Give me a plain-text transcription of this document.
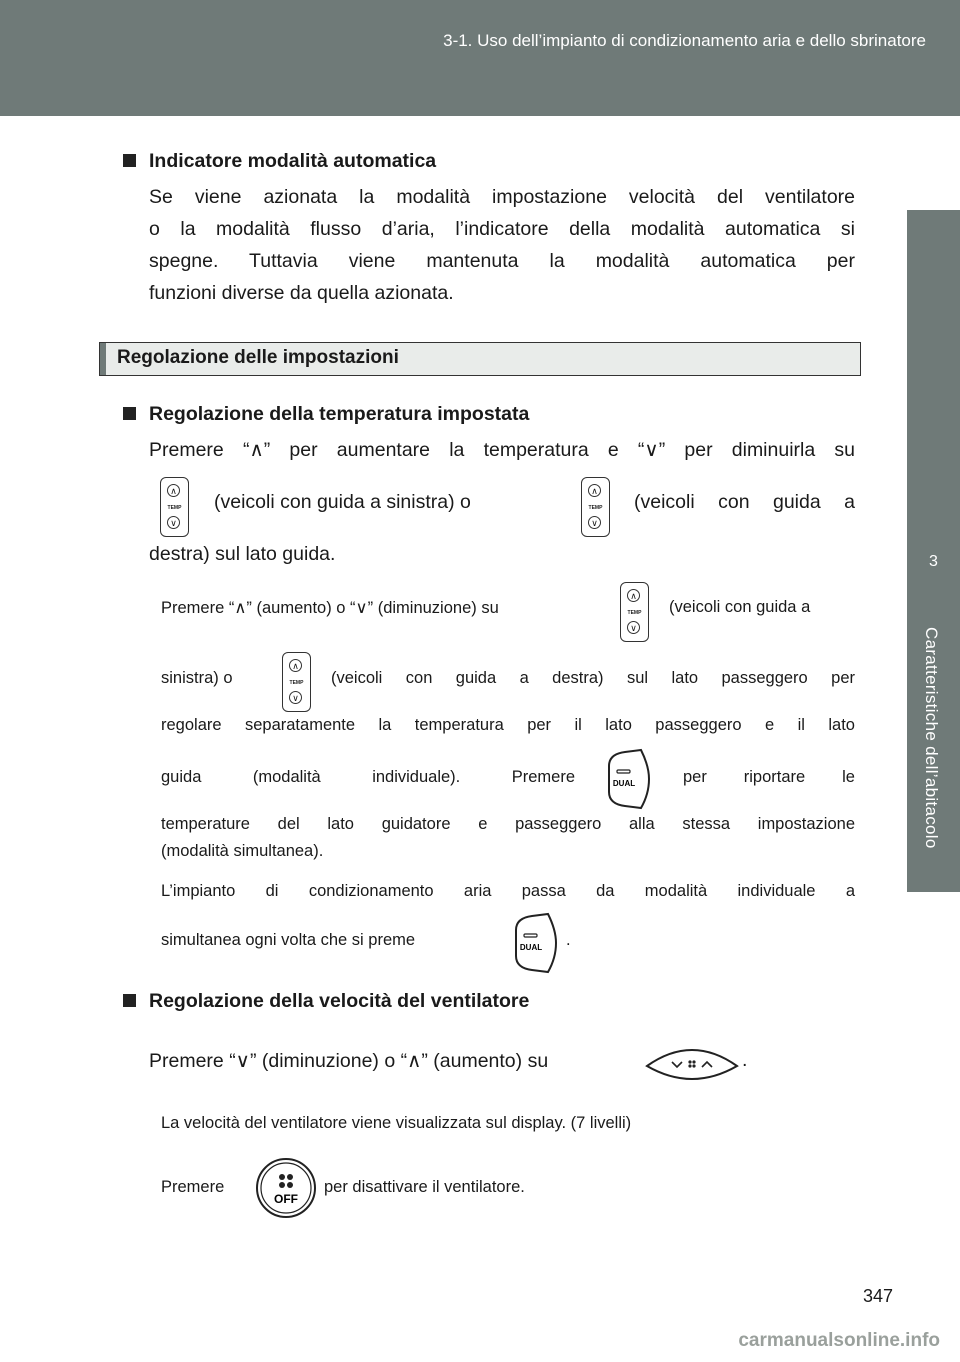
3-1. Uso dell’impianto di condizionamento aria e dello sbrinatore
3
Caratteristiche dell’abitacolo
Indicatore modalità automatica
Se viene azionata la modalità impostazione velocità del ventilatore
o la modalità flusso d’aria, l’indicatore della modalità automatica si
spegne. Tuttavia viene mantenuta la modalità automatica per
funzioni diverse da quella azionata.
Regolazione delle impostazioni
Regolazione della temperatura impostata
Premere “∧” per aumentare la temperatura e “∨” per diminuirla su
∧
TEMP
∨
(veicoli con guida a sinistra) o	∧
TEMP
∨
(veicoli con guida a
destra) sul lato guida.
Premere “∧” (aumento) o “∨” (diminuzione) su
∧
TEMP
∨
(veicoli con guida a
sinistra) o
∧
TEMP
∨
(veicoli con guida a destra) sul lato passeggero per
regolare separatamente la temperatura per il lato passeggero e il lato
guida (modalità individuale). Premere	DUAL	per riportare le
temperature del lato guidatore e passeggero alla stessa impostazione
(modalità simultanea).
L’impianto di condizionamento aria passa da modalità individuale a
simultanea ogni volta che si preme	DUAL .
Regolazione della velocità del ventilatore
Premere “∨” (diminuzione) o “∧” (aumento) su	.
La velocità del ventilatore viene visualizzata sul display. (7 livelli)
Premere
OFF
per disattivare il ventilatore.
347
carmanualsonline.info
